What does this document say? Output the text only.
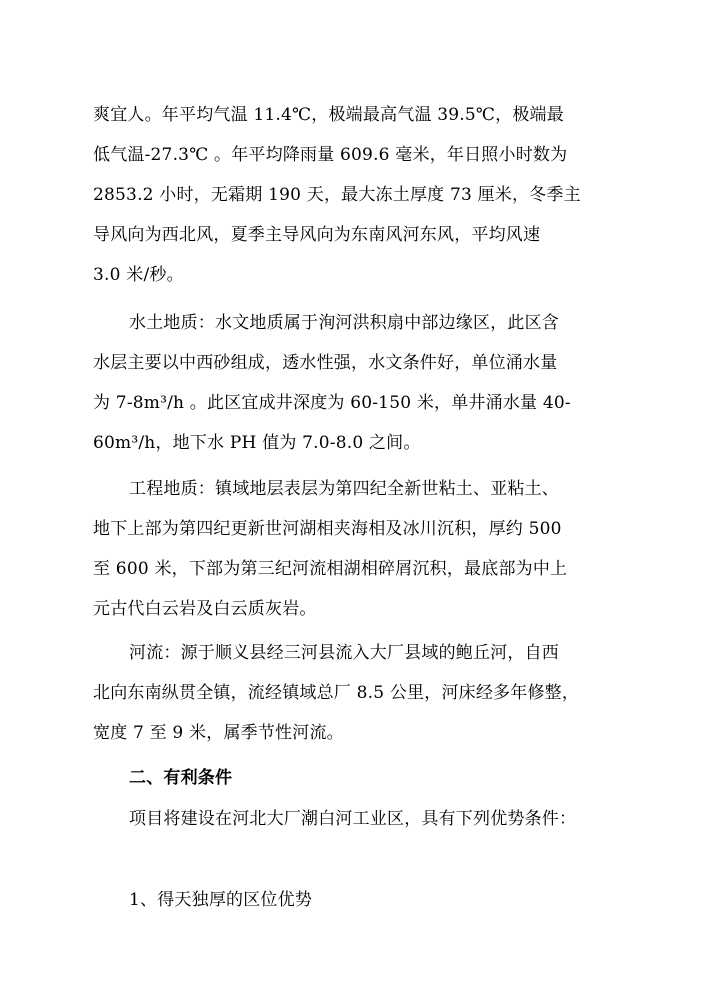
爽宜人。年平均气温 11.4℃，极端最高气温 39.5℃，极端最
低气温-27.3℃ 。年平均降雨量 609.6 毫米，年日照小时数为
2853.2 小时，无霜期 190 天，最大冻土厚度 73 厘米，冬季主
导风向为西北风，夏季主导风向为东南风河东风，平均风速
3.0 米/秒。
水土地质：水文地质属于洵河洪积扇中部边缘区，此区含
水层主要以中西砂组成，透水性强，水文条件好，单位涌水量
为 7-8m³/h 。此区宜成井深度为 60-150 米，单井涌水量 40-
60m³/h，地下水 PH 值为 7.0-8.0 之间。
工程地质：镇域地层表层为第四纪全新世粘土、亚粘土、
地下上部为第四纪更新世河湖相夹海相及冰川沉积，厚约 500
至 600 米，下部为第三纪河流相湖相碎屑沉积，最底部为中上
元古代白云岩及白云质灰岩。
河流：源于顺义县经三河县流入大厂县域的鲍丘河，自西
北向东南纵贯全镇，流经镇域总厂 8.5 公里，河床经多年修整，
宽度 7 至 9 米，属季节性河流。
二、有利条件
项目将建设在河北大厂潮白河工业区，具有下列优势条件：
1、得天独厚的区位优势
